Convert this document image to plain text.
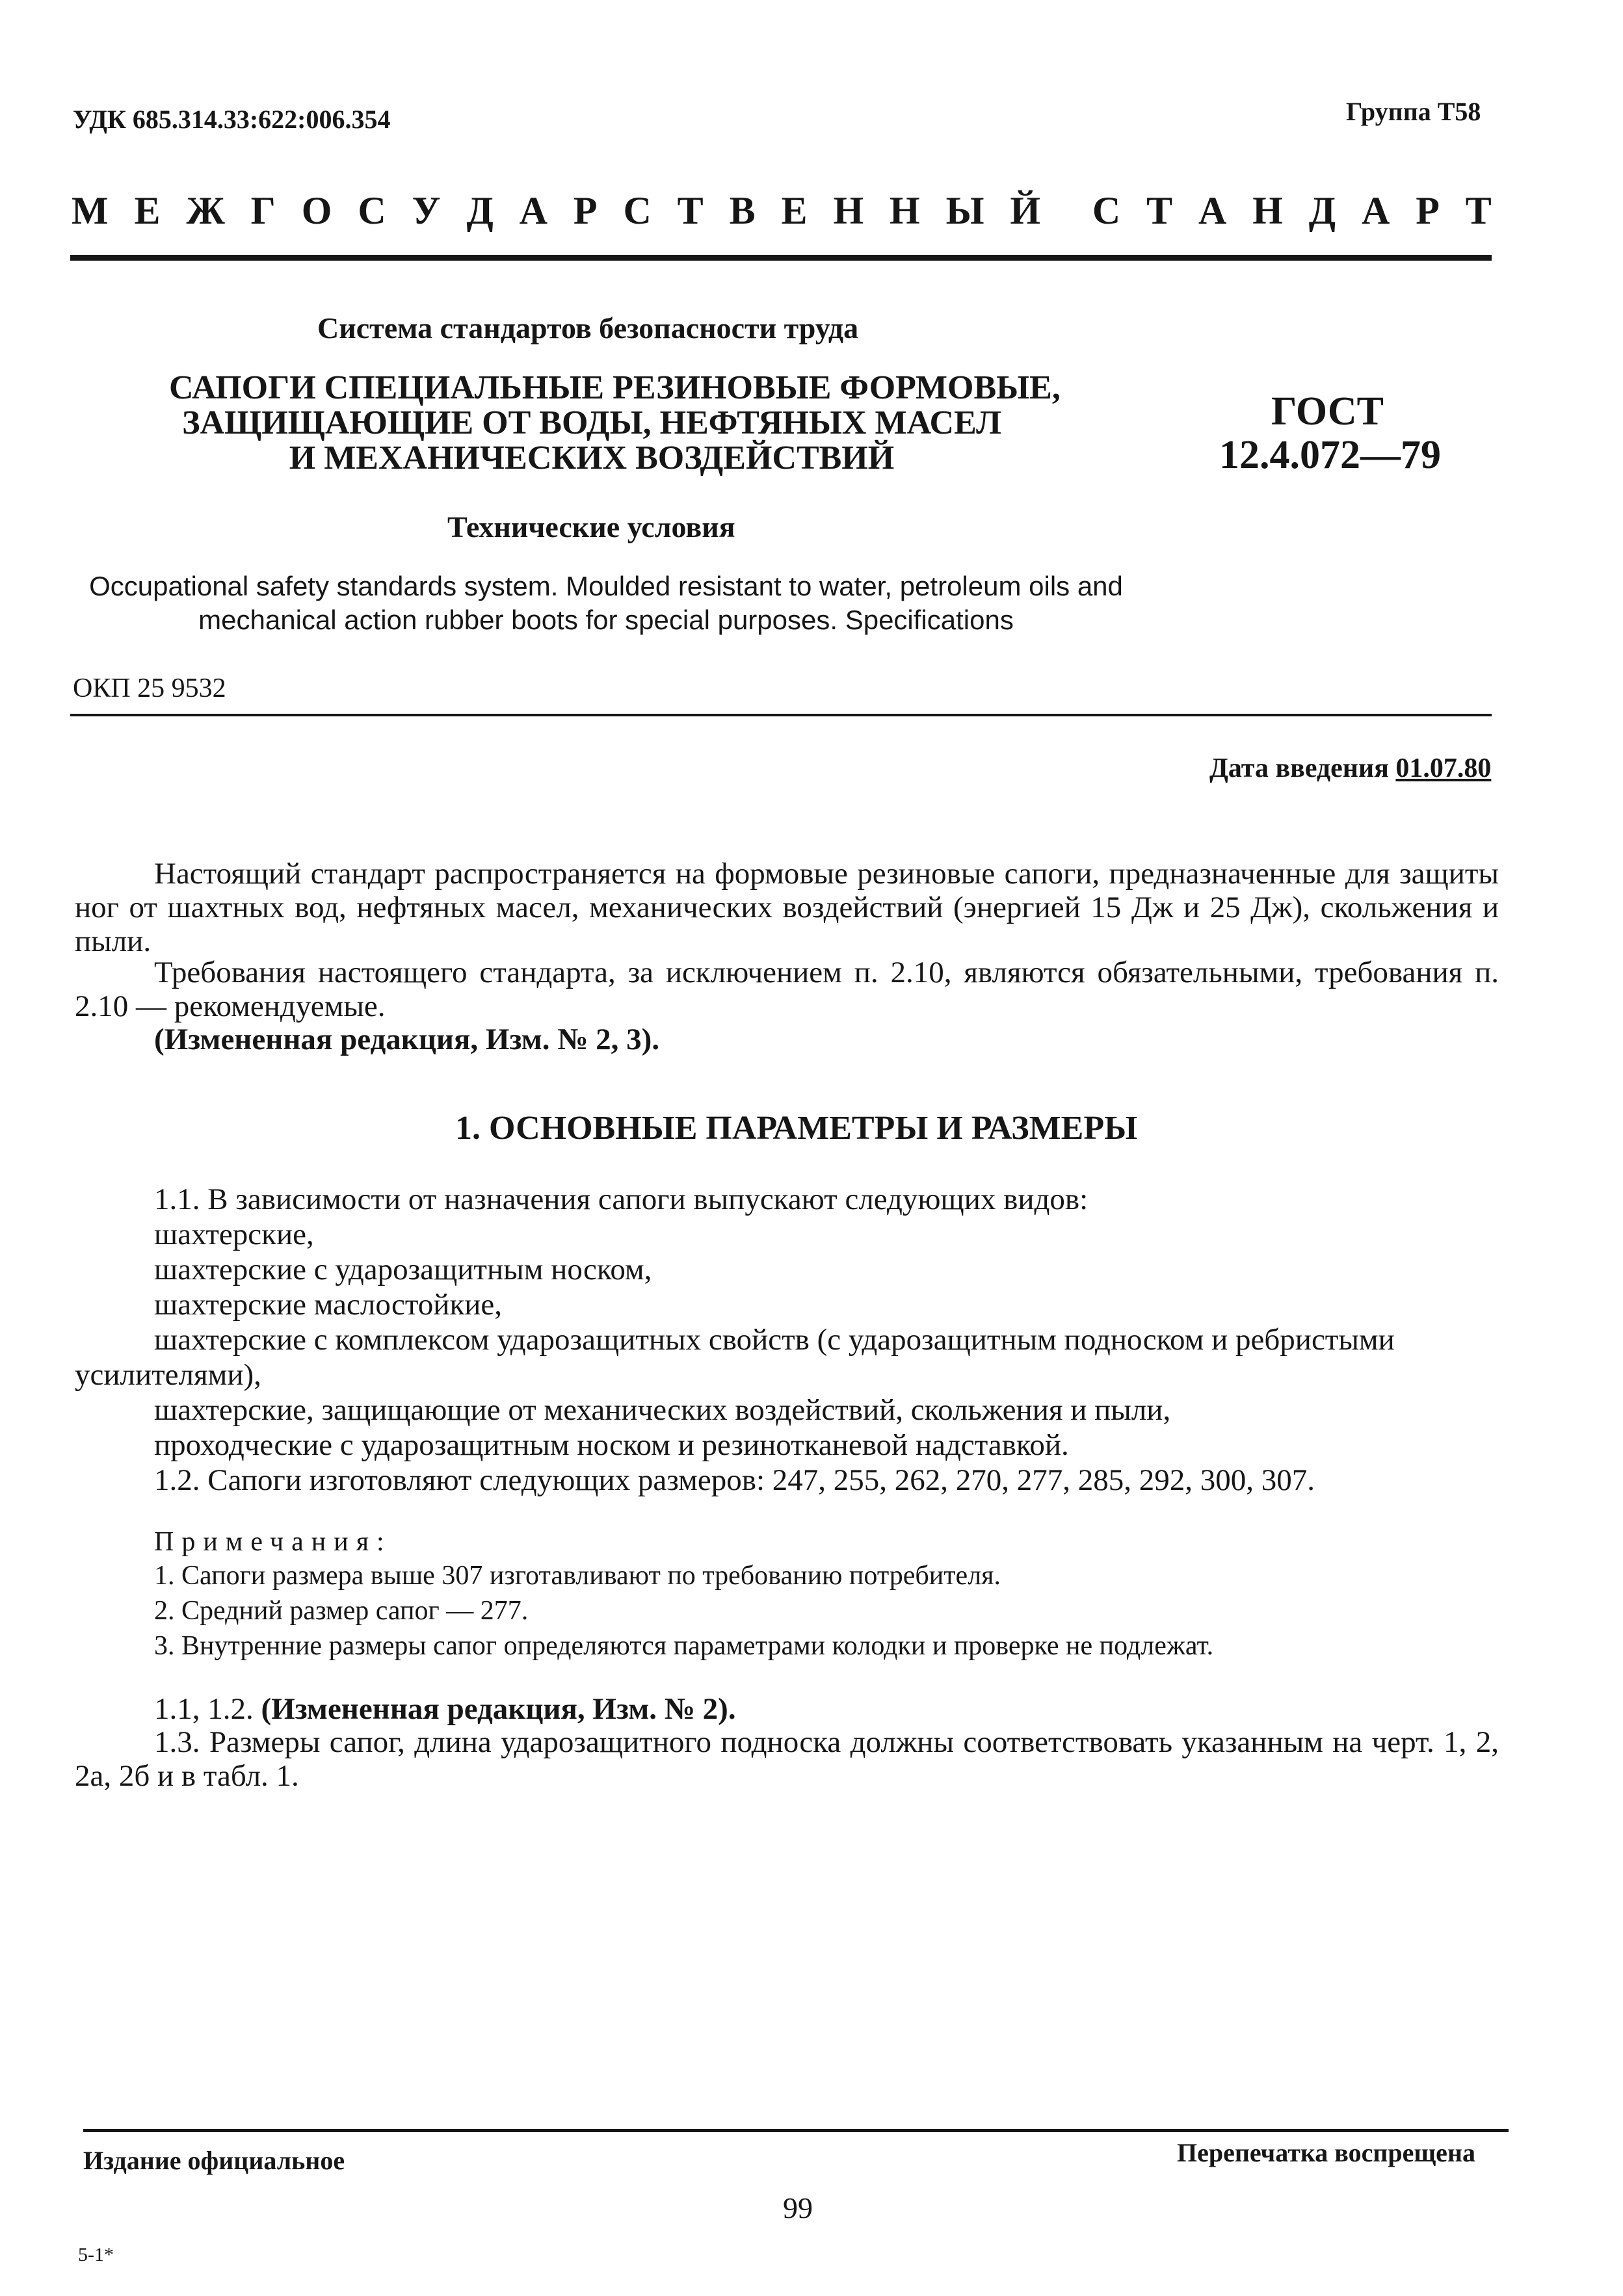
УДК 685.314.33:622:006.354	Группа Т58
М Е Ж Г О С У Д А Р С Т В Е Н Н Ы Й С Т А Н Д А Р Т
Система стандартов безопасности труда
САПОГИ СПЕЦИАЛЬНЫЕ РЕЗИНОВЫЕ ФОРМОВЫЕ,
ЗАЩИЩАЮЩИЕ ОТ ВОДЫ, НЕФТЯНЫХ МАСЕЛ
И МЕХАНИЧЕСКИХ ВОЗДЕЙСТВИЙ
ГОСТ
12.4.072—79
Технические условия
Occupational safety standards system. Moulded resistant to water, petroleum oils and
mechanical action rubber boots for special purposes. Specifications
ОКП 25 9532
Дата введения 01.07.80
Настоящий стандарт распространяется на формовые резиновые сапоги, предназначенные для защиты ног от шахтных вод, нефтяных масел, механических воздействий (энергией 15 Дж и 25 Дж), скольжения и пыли.
Требования настоящего стандарта, за исключением п. 2.10, являются обязательными, требования п. 2.10 — рекомендуемые.
(Измененная редакция, Изм. № 2, 3).
1. ОСНОВНЫЕ ПАРАМЕТРЫ И РАЗМЕРЫ
1.1. В зависимости от назначения сапоги выпускают следующих видов:
шахтерские,
шахтерские с ударозащитным носком,
шахтерские маслостойкие,
шахтерские с комплексом ударозащитных свойств (с ударозащитным подноском и ребристыми
усилителями),
шахтерские, защищающие от механических воздействий, скольжения и пыли,
проходческие с ударозащитным носком и резинотканевой надставкой.
1.2. Сапоги изготовляют следующих размеров: 247, 255, 262, 270, 277, 285, 292, 300, 307.
Примечания:
1. Сапоги размера выше 307 изготавливают по требованию потребителя.
2. Средний размер сапог — 277.
3. Внутренние размеры сапог определяются параметрами колодки и проверке не подлежат.
1.1, 1.2. (Измененная редакция, Изм. № 2).
1.3. Размеры сапог, длина ударозащитного подноска должны соответствовать указанным на черт. 1, 2, 2а, 2б и в табл. 1.
Издание официальное	Перепечатка воспрещена
99
5-1*
